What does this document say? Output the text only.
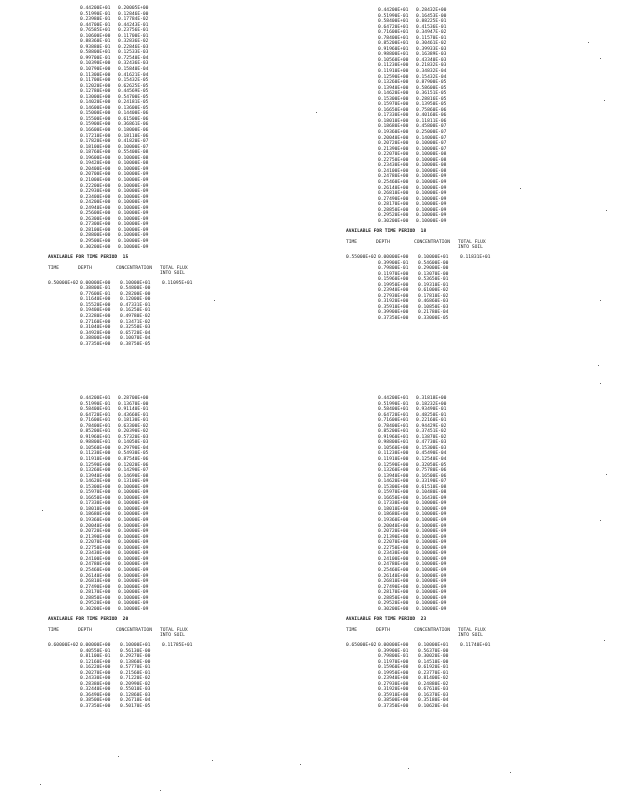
0.44200E+01 0.20005E+00
0.51990E-01 0.12846E-00
0.23980E-01 0.17784E-02
0.44700E-01 0.44243E-01
0.76585E+01 0.23756E-01
0.10600E+00 0.11700E-01
0.88360E-01 0.32836E-02
0.93880E-01 0.22846E-03
0.58800E+01 0.12533E-03
0.99700E-01 0.72540E-04
0.10390E+00 0.32436E-03
0.10790E+00 0.15840E-04
0.11300E+00 0.41621E-04
0.11700E+00 0.15432E-05
0.12020E+00 0.62625E-05
0.12780E+00 0.44569E-05
0.13000E+00 0.54700E-05
0.14020E+00 0.24181E-05
0.14600E+00 0.13600E-05
0.15000E+00 0.14400E-06
0.15500E+00 0.61500E-06
0.15900E+00 0.36861E-06
0.16600E+00 0.18000E-06
0.17210E+00 0.18110E-06
0.17820E+00 0.41820E-07
0.18100E+00 0.10000E-07
0.18760E+00 0.55400E-08
0.19600E+00 0.10000E-08
0.19420E+00 0.10000E-08
0.20400E+00 0.10000E-09
0.20700E+00 0.10000E-09
0.21000E+00 0.10000E-09
0.22200E+00 0.10000E-09
0.22930E+00 0.10000E-09
0.23400E+00 0.10000E-09
0.24200E+00 0.10000E-09
0.24940E+00 0.10000E-09
0.25600E+00 0.10000E-09
0.26300E+00 0.10000E-09
0.27300E+00 0.10000E-09
0.28100E+00 0.10000E-09
0.28800E+00 0.10000E-09
0.29500E+00 0.10000E-09
0.30200E+00 0.10000E-09
AVAILABLE FOR TIME PERIOD  15
TIME	DEPTH	CONCENTRATION	TOTAL FLUX
INTO SOIL
0.50000E+02 0.00000E+00 0.10000E+01	0.11095E+01
0.38800E-01 0.54800E-00
0.77600E-01 0.28200E-00
0.11640E+00 0.12000E-00
0.15520E+00 0.47331E-01
0.19400E+00 0.16250E-01
0.23280E+00 0.49780E-02
0.27160E+00 0.13471E-02
0.31040E+00 0.32550E-03
0.34920E+00 0.65720E-04
0.38800E+00 0.10070E-04
0.37350E+00 0.38750E-05
0.44200E+01 0.28432E+00
0.51990E-01 0.16453E-00
0.58400E+01 0.88225E-01
0.64720E+01 0.41536E-01
0.71600E+01 0.34947E-02
0.78400E+01 0.11570E-01
0.85200E+01 0.30461E-02
0.91960E+01 0.39933E-03
0.98800E+01 0.16389E-03
0.10560E+00 0.43340E-03
0.11230E+00 0.21832E-03
0.11910E+00 0.34832E-04
0.12590E+00 0.15432E-04
0.13260E+00 0.87900E-05
0.13940E+00 0.58600E-05
0.14620E+00 0.36151E-05
0.15300E+00 0.28816E-05
0.15970E+00 0.13950E-05
0.16650E+00 0.75860E-06
0.17330E+00 0.40160E-06
0.18010E+00 0.11811E-06
0.18680E+00 0.45800E-07
0.19360E+00 0.25000E-07
0.20040E+00 0.14000E-07
0.20720E+00 0.10000E-07
0.21390E+00 0.10000E-07
0.22070E+00 0.10000E-08
0.22750E+00 0.10000E-08
0.23430E+00 0.10000E-08
0.24100E+00 0.10000E-08
0.24780E+00 0.10000E-09
0.25460E+00 0.10000E-09
0.26140E+00 0.10000E-09
0.26810E+00 0.10000E-09
0.27490E+00 0.10000E-09
0.28170E+00 0.10000E-09
0.28850E+00 0.10000E-09
0.29520E+00 0.10000E-09
0.30200E+00 0.10000E-09
AVAILABLE FOR TIME PERIOD  18
TIME	DEPTH	CONCENTRATION	TOTAL FLUX
INTO SOIL
0.55000E+02 0.00000E+00 0.10000E+01	0.11831E+01
0.39900E-01 0.54600E-00
0.79800E-01 0.29000E-00
0.11970E+00 0.13070E-00
0.15960E+00 0.53650E-01
0.19950E+00 0.19310E-01
0.23940E+00 0.61000E-02
0.27930E+00 0.17810E-02
0.31920E+00 0.46860E-03
0.35910E+00 0.10850E-03
0.39900E+00 0.21780E-04
0.37350E+00 0.33000E-05
0.44200E+01 0.28700E+00
0.51990E-01 0.13670E-00
0.58400E+01 0.91140E-01
0.64720E+01 0.43660E-01
0.71600E+01 0.18130E-01
0.78400E+01 0.63300E-02
0.85200E+01 0.20390E-02
0.91960E+01 0.57320E-03
0.98800E+01 0.14050E-03
0.10560E+00 0.29790E-04
0.11230E+00 0.54930E-05
0.11910E+00 0.87540E-06
0.12590E+00 0.12020E-06
0.13260E+00 0.14290E-07
0.13940E+00 0.14690E-08
0.14620E+00 0.13100E-09
0.15300E+00 0.10000E-09
0.15970E+00 0.10000E-09
0.16650E+00 0.10000E-09
0.17330E+00 0.10000E-09
0.18010E+00 0.10000E-09
0.18680E+00 0.10000E-09
0.19360E+00 0.10000E-09
0.20040E+00 0.10000E-09
0.20720E+00 0.10000E-09
0.21390E+00 0.10000E-09
0.22070E+00 0.10000E-09
0.22750E+00 0.10000E-09
0.23430E+00 0.10000E-09
0.24100E+00 0.10000E-09
0.24780E+00 0.10000E-09
0.25460E+00 0.10000E-09
0.26140E+00 0.10000E-09
0.26810E+00 0.10000E-09
0.27490E+00 0.10000E-09
0.28170E+00 0.10000E-09
0.28850E+00 0.10000E-09
0.29520E+00 0.10000E-09
0.30200E+00 0.10000E-09
AVAILABLE FOR TIME PERIOD  20
TIME	DEPTH	CONCENTRATION	TOTAL FLUX
INTO SOIL
0.60000E+02 0.00000E+00 0.10000E+01	0.11785E+01
0.40550E-01 0.56130E-00
0.81100E-01 0.29270E-00
0.12160E+00 0.13860E-00
0.16220E+00 0.57770E-01
0.20270E+00 0.21560E-01
0.24330E+00 0.71220E-02
0.28380E+00 0.20990E-02
0.32440E+00 0.55010E-03
0.36490E+00 0.12860E-03
0.38500E+00 0.26710E-04
0.37350E+00 0.50170E-05
0.44200E+01 0.31818E+00
0.51990E-01 0.18232E+00
0.58400E+01 0.93490E-01
0.64720E+01 0.48250E-01
0.71600E+01 0.22160E-01
0.78400E+01 0.94429E-02
0.85200E+01 0.37451E-02
0.91960E+01 0.13870E-02
0.98800E+01 0.47730E-03
0.10560E+00 0.15300E-03
0.11230E+00 0.45490E-04
0.11910E+00 0.12540E-04
0.12590E+00 0.32050E-05
0.13260E+00 0.75780E-06
0.13940E+00 0.16500E-06
0.14620E+00 0.33190E-07
0.15300E+00 0.61510E-08
0.15970E+00 0.10480E-08
0.16650E+00 0.16430E-09
0.17330E+00 0.10000E-09
0.18010E+00 0.10000E-09
0.18680E+00 0.10000E-09
0.19360E+00 0.10000E-09
0.20040E+00 0.10000E-09
0.20720E+00 0.10000E-09
0.21390E+00 0.10000E-09
0.22070E+00 0.10000E-09
0.22750E+00 0.10000E-09
0.23430E+00 0.10000E-09
0.24100E+00 0.10000E-09
0.24780E+00 0.10000E-09
0.25460E+00 0.10000E-09
0.26140E+00 0.10000E-09
0.26810E+00 0.10000E-09
0.27490E+00 0.10000E-09
0.28170E+00 0.10000E-09
0.28850E+00 0.10000E-09
0.29520E+00 0.10000E-09
0.30200E+00 0.10000E-09
AVAILABLE FOR TIME PERIOD  23
TIME	DEPTH	CONCENTRATION	TOTAL FLUX
INTO SOIL
0.65000E+02 0.00000E+00 0.10000E+01	0.11740E+01
0.39900E-01 0.56370E-00
0.79800E-01 0.30020E-00
0.11970E+00 0.14510E-00
0.15960E+00 0.61920E-01
0.19950E+00 0.23770E-01
0.23940E+00 0.81400E-02
0.27930E+00 0.24880E-02
0.31920E+00 0.67610E-03
0.35910E+00 0.16370E-03
0.38500E+00 0.35180E-04
0.37350E+00 0.10620E-04
